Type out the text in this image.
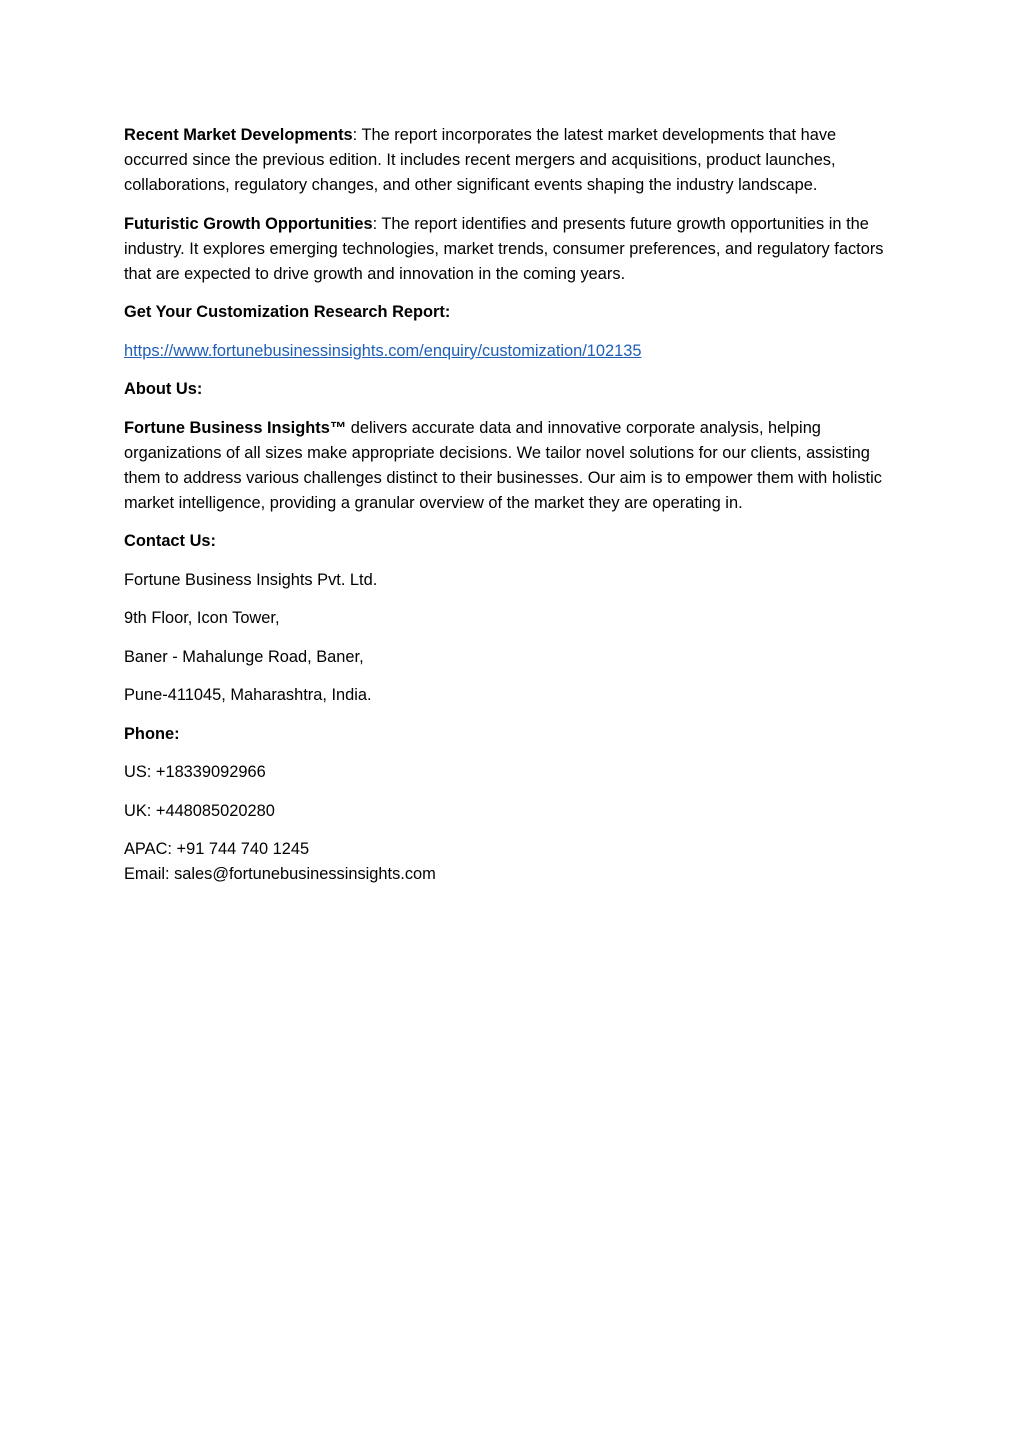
Recent Market Developments: The report incorporates the latest market developments that have occurred since the previous edition. It includes recent mergers and acquisitions, product launches, collaborations, regulatory changes, and other significant events shaping the industry landscape.

Futuristic Growth Opportunities: The report identifies and presents future growth opportunities in the industry. It explores emerging technologies, market trends, consumer preferences, and regulatory factors that are expected to drive growth and innovation in the coming years.

Get Your Customization Research Report:

https://www.fortunebusinessinsights.com/enquiry/customization/102135

About Us:

Fortune Business Insights™ delivers accurate data and innovative corporate analysis, helping organizations of all sizes make appropriate decisions. We tailor novel solutions for our clients, assisting them to address various challenges distinct to their businesses. Our aim is to empower them with holistic market intelligence, providing a granular overview of the market they are operating in.

Contact Us:

Fortune Business Insights Pvt. Ltd.

9th Floor, Icon Tower,

Baner - Mahalunge Road, Baner,

Pune-411045, Maharashtra, India.

Phone:

US: +18339092966

UK: +448085020280

APAC: +91 744 740 1245

Email: sales@fortunebusinessinsights.com
